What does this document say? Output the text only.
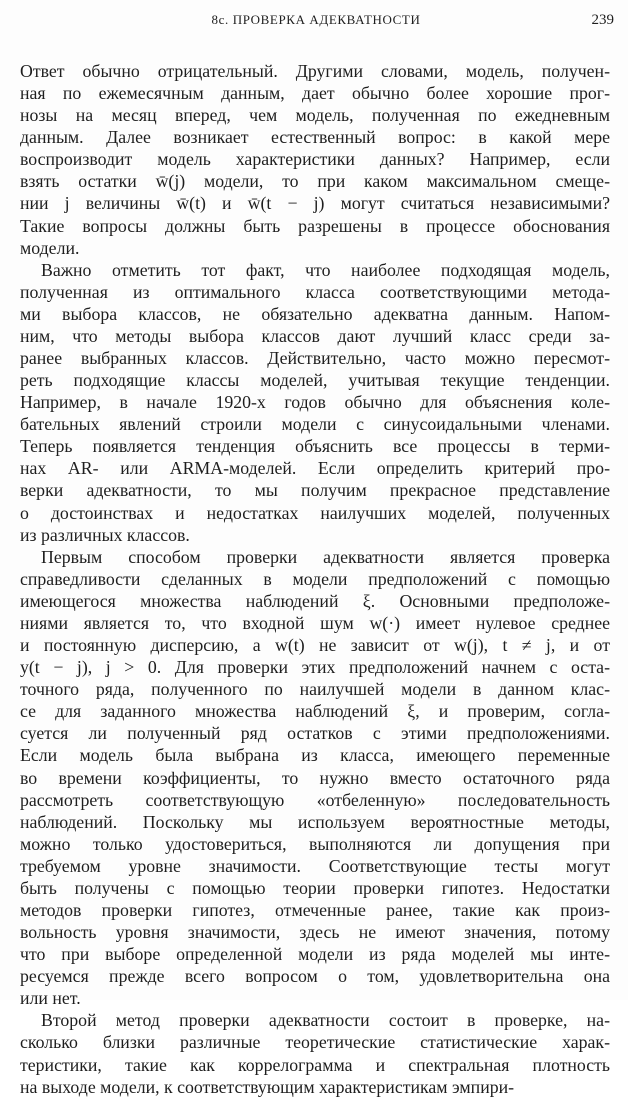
8с. ПРОВЕРКА АДЕКВАТНОСТИ	239
Ответ обычно отрицательный. Другими словами, модель, получен-
ная по ежемесячным данным, дает обычно более хорошие прог-
нозы на месяц вперед, чем модель, полученная по ежедневным
данным. Далее возникает естественный вопрос: в какой мере
воспроизводит модель характеристики данных? Например, если
взять остатки w̄(j) модели, то при каком максимальном смеще-
нии j величины w̄(t) и w̄(t − j) могут считаться независимыми?
Такие вопросы должны быть разрешены в процессе обоснования
модели.
Важно отметить тот факт, что наиболее подходящая модель,
полученная из оптимального класса соответствующими метода-
ми выбора классов, не обязательно адекватна данным. Напом-
ним, что методы выбора классов дают лучший класс среди за-
ранее выбранных классов. Действительно, часто можно пересмот-
реть подходящие классы моделей, учитывая текущие тенденции.
Например, в начале 1920-х годов обычно для объяснения коле-
бательных явлений строили модели с синусоидальными членами.
Теперь появляется тенденция объяснить все процессы в терми-
нах AR- или ARMA-моделей. Если определить критерий про-
верки адекватности, то мы получим прекрасное представление
о достоинствах и недостатках наилучших моделей, полученных
из различных классов.
Первым способом проверки адекватности является проверка
справедливости сделанных в модели предположений с помощью
имеющегося множества наблюдений ξ. Основными предположе-
ниями является то, что входной шум w(·) имеет нулевое среднее
и постоянную дисперсию, а w(t) не зависит от w(j), t ≠ j, и от
y(t − j), j > 0. Для проверки этих предположений начнем с оста-
точного ряда, полученного по наилучшей модели в данном клас-
се для заданного множества наблюдений ξ, и проверим, согла-
суется ли полученный ряд остатков с этими предположениями.
Если модель была выбрана из класса, имеющего переменные
во времени коэффициенты, то нужно вместо остаточного ряда
рассмотреть соответствующую «отбеленную» последовательность
наблюдений. Поскольку мы используем вероятностные методы,
можно только удостовериться, выполняются ли допущения при
требуемом уровне значимости. Соответствующие тесты могут
быть получены с помощью теории проверки гипотез. Недостатки
методов проверки гипотез, отмеченные ранее, такие как произ-
вольность уровня значимости, здесь не имеют значения, потому
что при выборе определенной модели из ряда моделей мы инте-
ресуемся прежде всего вопросом о том, удовлетворительна она
или нет.
Второй метод проверки адекватности состоит в проверке, на-
сколько близки различные теоретические статистические харак-
теристики, такие как коррелограмма и спектральная плотность
на выходе модели, к соответствующим характеристикам эмпири-
